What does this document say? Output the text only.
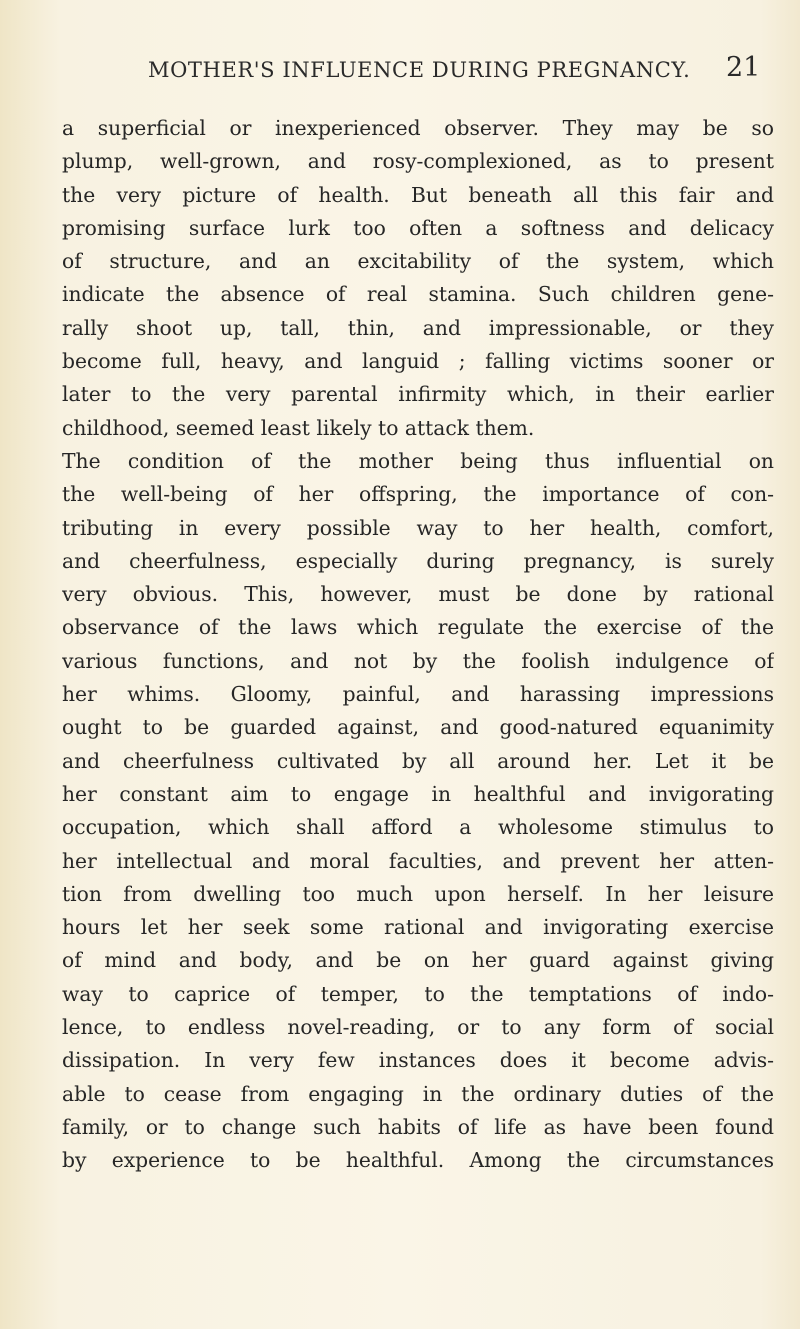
MOTHER'S INFLUENCE DURING PREGNANCY. 21
a superficial or inexperienced observer. They may be so
plump, well-grown, and rosy-complexioned, as to present
the very picture of health. But beneath all this fair and
promising surface lurk too often a softness and delicacy
of structure, and an excitability of the system, which
indicate the absence of real stamina. Such children gene-
rally shoot up, tall, thin, and impressionable, or they
become full, heavy, and languid ; falling victims sooner or
later to the very parental infirmity which, in their earlier
childhood, seemed least likely to attack them.
The condition of the mother being thus influential on
the well-being of her offspring, the importance of con-
tributing in every possible way to her health, comfort,
and cheerfulness, especially during pregnancy, is surely
very obvious. This, however, must be done by rational
observance of the laws which regulate the exercise of the
various functions, and not by the foolish indulgence of
her whims. Gloomy, painful, and harassing impressions
ought to be guarded against, and good-natured equanimity
and cheerfulness cultivated by all around her. Let it be
her constant aim to engage in healthful and invigorating
occupation, which shall afford a wholesome stimulus to
her intellectual and moral faculties, and prevent her atten-
tion from dwelling too much upon herself. In her leisure
hours let her seek some rational and invigorating exercise
of mind and body, and be on her guard against giving
way to caprice of temper, to the temptations of indo-
lence, to endless novel-reading, or to any form of social
dissipation. In very few instances does it become advis-
able to cease from engaging in the ordinary duties of the
family, or to change such habits of life as have been found
by experience to be healthful. Among the circumstances
